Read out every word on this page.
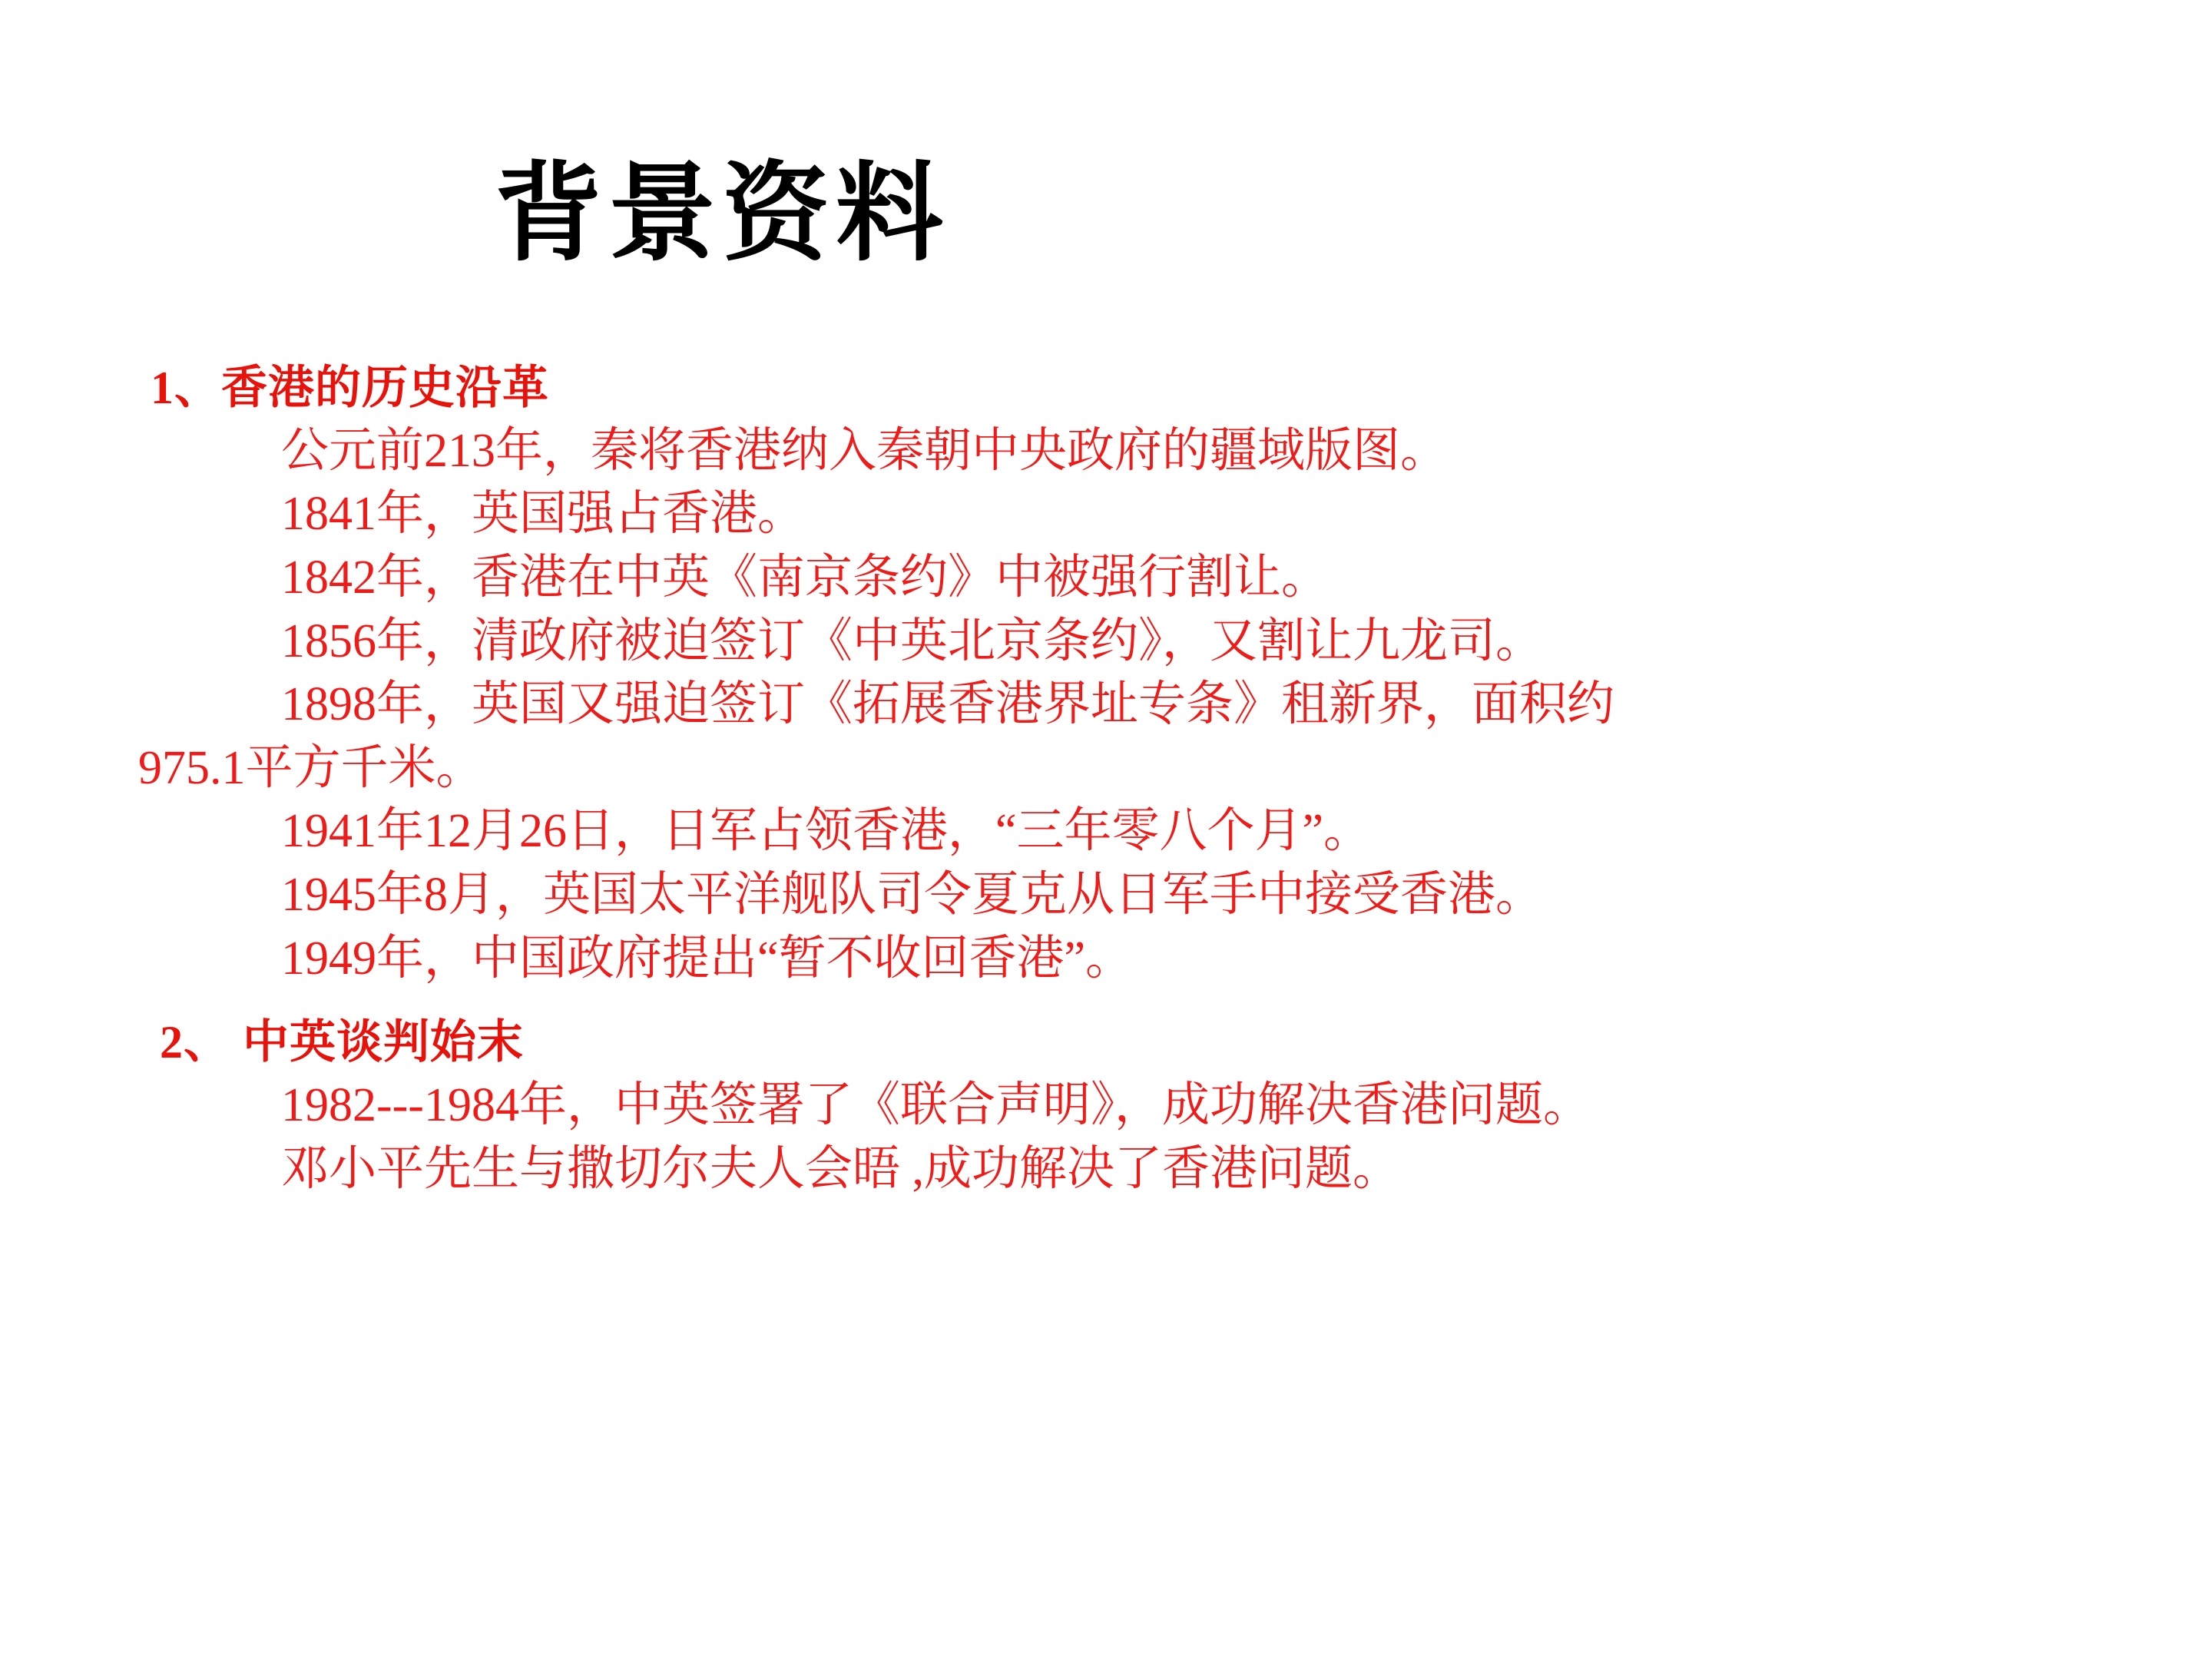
背景资料
1、香港的历史沿革

公元前213年，秦将香港纳入秦朝中央政府的疆域版图。

1841年，英国强占香港。

1842年，香港在中英《南京条约》中被强行割让。

1856年，清政府被迫签订《中英北京条约》，又割让九龙司。

1898年，英国又强迫签订《拓展香港界址专条》租新界，面积约

975.1平方千米。

1941年12月26日，日军占领香港，“三年零八个月”。

1945年8月，英国太平洋舰队司令夏克从日军手中接受香港。

1949年，中国政府提出“暂不收回香港”。

2、 中英谈判始末

1982---1984年，中英签署了《联合声明》，成功解决香港问题。

邓小平先生与撒切尔夫人会晤 ,成功解决了香港问题。
